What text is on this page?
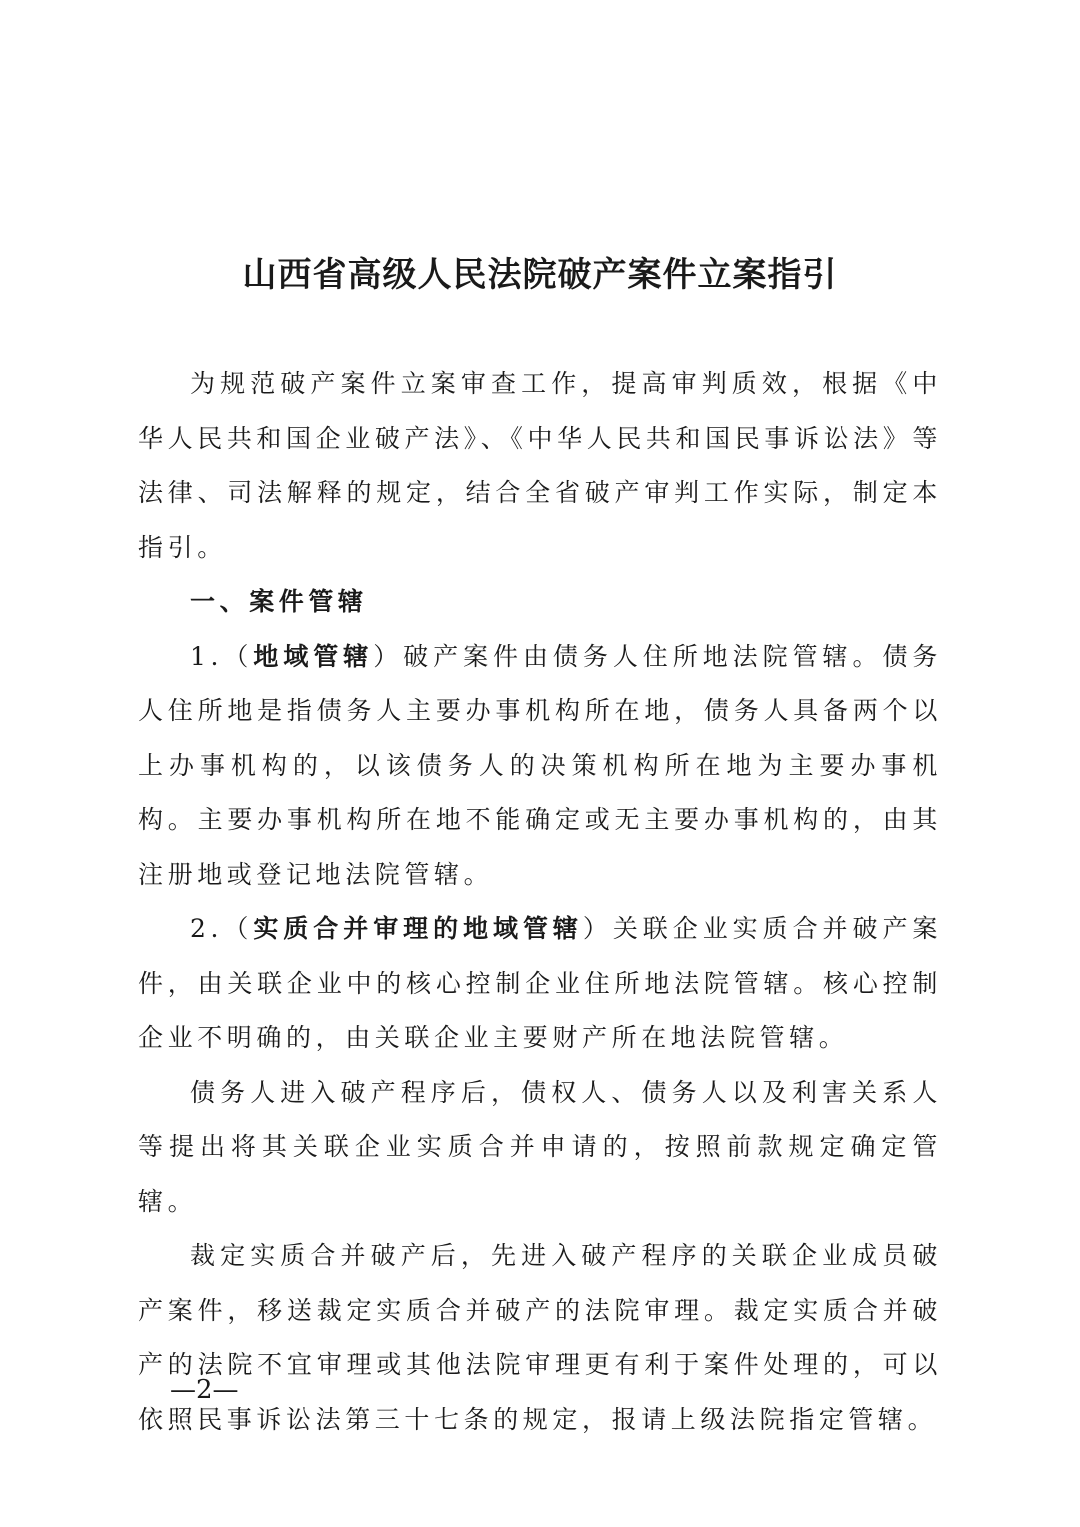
山西省高级人民法院破产案件立案指引

为规范破产案件立案审查工作，提高审判质效，根据《中华人民共和国企业破产法》、《中华人民共和国民事诉讼法》等法律、司法解释的规定，结合全省破产审判工作实际，制定本指引。

一、案件管辖

1.（地域管辖）破产案件由债务人住所地法院管辖。债务人住所地是指债务人主要办事机构所在地，债务人具备两个以上办事机构的，以该债务人的决策机构所在地为主要办事机构。主要办事机构所在地不能确定或无主要办事机构的，由其注册地或登记地法院管辖。

2.（实质合并审理的地域管辖）关联企业实质合并破产案件，由关联企业中的核心控制企业住所地法院管辖。核心控制企业不明确的，由关联企业主要财产所在地法院管辖。

债务人进入破产程序后，债权人、债务人以及利害关系人等提出将其关联企业实质合并申请的，按照前款规定确定管辖。

裁定实质合并破产后，先进入破产程序的关联企业成员破产案件，移送裁定实质合并破产的法院审理。裁定实质合并破产的法院不宜审理或其他法院审理更有利于案件处理的，可以依照民事诉讼法第三十七条的规定，报请上级法院指定管辖。

—2—
